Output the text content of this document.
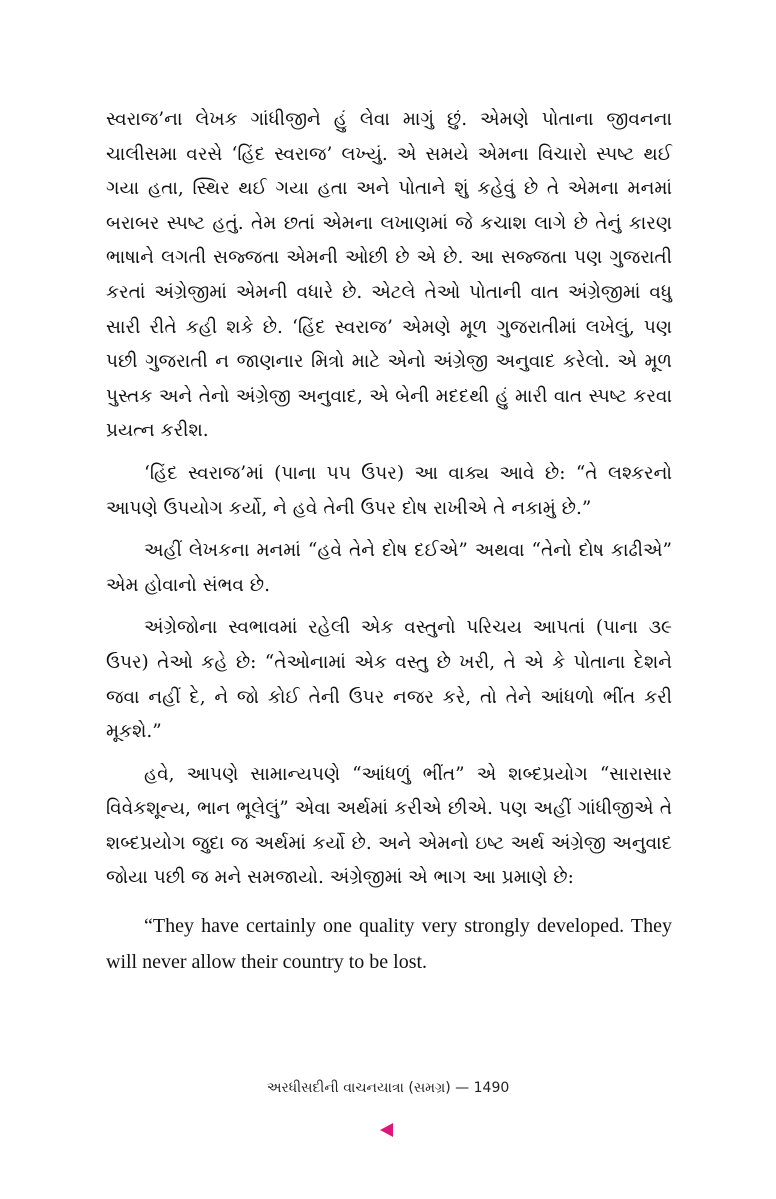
સ્વરાજ’ના લેખક ગાંધીજીને હું લેવા માગું છું. એમણે પોતાના જીવનના ચાલીસમા વરસે ‘હિંદ સ્વરાજ’ લખ્યું. એ સમયે એમના વિચારો સ્પષ્ટ થઈ ગયા હતા, સ્થિર થઈ ગયા હતા અને પોતાને શું કહેવું છે તે એમના મનમાં બરાબર સ્પષ્ટ હતું. તેમ છતાં એમના લખાણમાં જે કચાશ લાગે છે તેનું કારણ ભાષાને લગતી સજ્જતા એમની ઓછી છે એ છે. આ સજ્જતા પણ ગુજરાતી કરતાં અંગ્રેજીમાં એમની વધારે છે. એટલે તેઓ પોતાની વાત અંગ્રેજીમાં વધુ સારી રીતે કહી શકે છે. ‘હિંદ સ્વરાજ’ એમણે મૂળ ગુજરાતીમાં લખેલું, પણ પછી ગુજરાતી ન જાણનાર મિત્રો માટે એનો અંગ્રેજી અનુવાદ કરેલો. એ મૂળ પુસ્તક અને તેનો અંગ્રેજી અનુવાદ, એ બેની મદદથી હું મારી વાત સ્પષ્ટ કરવા પ્રયત્ન કરીશ.

‘હિંદ સ્વરાજ’માં (પાના ૫૫ ઉપર) આ વાક્ય આવે છે: “તે લશ્કરનો આપણે ઉપયોગ કર્યો, ને હવે તેની ઉપર દોષ રાખીએ તે નકામું છે.”

અહીં લેખકના મનમાં “હવે તેને દોષ દઈએ” અથવા “તેનો દોષ કાઢીએ” એમ હોવાનો સંભવ છે.

અંગ્રેજોના સ્વભાવમાં રહેલી એક વસ્તુનો પરિચય આપતાં (પાના ૩૯ ઉપર) તેઓ કહે છે: “તેઓનામાં એક વસ્તુ છે ખરી, તે એ કે પોતાના દેશને જવા નહીં દે, ને જો કોઈ તેની ઉપર નજર કરે, તો તેને આંધળો ભીંત કરી મૂકશે.”

હવે, આપણે સામાન્યપણે “આંધળું ભીંત” એ શબ્દપ્રયોગ “સારાસાર વિવેકશૂન્ય, ભાન ભૂલેલું” એવા અર્થમાં કરીએ છીએ. પણ અહીં ગાંધીજીએ તે શબ્દપ્રયોગ જુદા જ અર્થમાં કર્યો છે. અને એમનો ઇષ્ટ અર્થ અંગ્રેજી અનુવાદ જોયા પછી જ મને સમજાયો. અંગ્રેજીમાં એ ભાગ આ પ્રમાણે છે:

“They have certainly one quality very strongly developed. They will never allow their country to be lost.

અરધીસદીની વાચનયાત્રા (સમગ્ર) — 1490
